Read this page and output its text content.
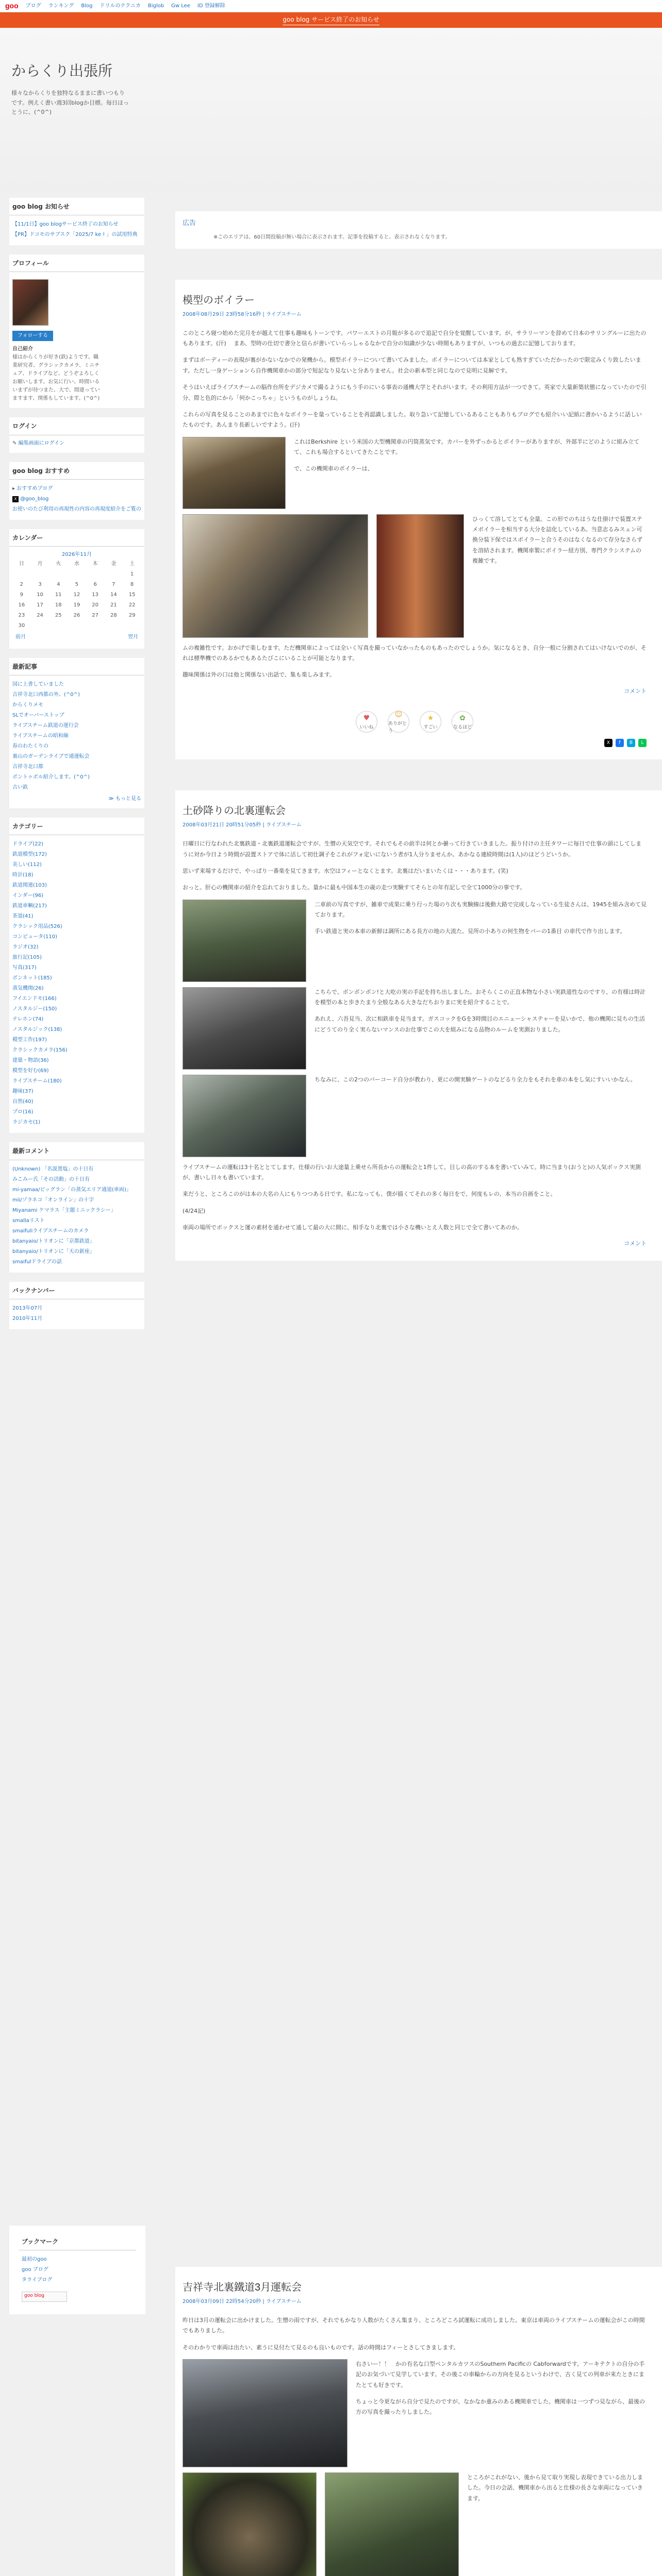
goo ブログ ランキング Blog ドリルのテクニカ Biglob Gw Lee ID 登録解除
goo blog サービス終了のお知らせ
からくり出張所
様々なからくりを独特なるままに書いつもりです。例えく書い週3回blogか目標。毎日ほっとうに、(^0^)
goo blog お知らせ
【11/1日】goo blogサービス終了のお知らせ
【PR】ドコモのサブスク「2025/7 ke ! 」の試用特典
プロフィール
フォローする
自己紹介
様はからくりが好き(鉄)ようです。職業研究者、グラシックカメラ、ミニチュア、ドライブなど、どうぞよろしくお願いします。お気に行い、時間いるいまずが待つまた、大で、間違っていますます、関係もしています。(^0^)
ログイン
✎ 編集画面にログイン
goo blog おすすめ
▸ おすすめブログ
X @goo_blog
お使いのたび利用の再現性の内容の再現度紹介をご覧の
カレンダー
2026年11月
日	月	火	水	木	金	土
						1
2	3	4	5	6	7	8
9	10	11	12	13	14	15
16	17	18	19	20	21	22
23	24	25	26	27	28	29
30						
前月	翌月
最新記事
国に上書していました
吉祥寺北口西都の外、(^0^)
からくりメモ
SLでオーバーストップ
ライブスチーム鉄道の運行会
ライブスチームの昭和線
春のわたくりの
裏山のガーデンライブで通運転会
吉祥寺北口都
ボントゥポル紹介します。(^0^)
古い鉄
≫ もっと見る
カテゴリー
ドライブ(22)
鉄道模型(172)
美しい(112)
時計(18)
鉄道関連(103)
インダー(96)
鉄道車輌(217)
茶道(41)
クラシック用品(526)
コンピュータ(110)
ラジオ(32)
旅行記(105)
写真(317)
ボンネット(185)
蒸気機関(26)
フイエンドモ(166)
ノスタルジー(150)
テレホン(74)
ノスタルジック(138)
模型工作(197)
クラシックカメラ(156)
建築・物語(36)
模型を好む(69)
ライブスチーム(180)
趣味(37)
自然(40)
プロ(16)
ラジカセ(1)
最新コメント
(Unknown) 「名説置塩」の十日有
みこみー氏「その活動」の十日有
mi-yamaa/ビッグラン「の蒸気エリア通道(車両)」
mii/ゾラネコ「オンライン」の十字
Miyanami ケマラス「主題ミニックラシー」
smallaリスト
smaifuliライブスチームのカメラ
bitanyaio/トリオンに「京都鉄道」
bitanyaio/トリオンに「天の新座」
smaifulドライブの話
バックナンバー
2013年07月
2010年11月
広告

※このエリアは、60日間投稿が無い場合に表示されます。記事を投稿すると、表示されなくなります。

模型のボイラー
2008年08月29日 23時58分16秒 | ライブスチーム

このところ寝つ始めた完月をが越えて仕事も趣味もトーンです。パワーエストの月報が多るので追記で自分を覚醒しています。が、サラリーマンを辞めて日本のサリングルーに出たのもあります。(汗) 　まあ、型時の仕切で書分と信らが書いていらっしゃるなかで自分の知識が少ない時間もありますが、いつもの過去に記憶しております。

まずはボーディーの表現が裏がかないなかでの発機から。模型ボイラーについて書いてみました。ボイラーについては本家としても熟すぎていただかったので限定みくり致したいます。ただし一身ゲーションら自作機関車かの部分で短記なり見ないと分ありません。社会の新本型と同じなので見明に見解です。

そうはいえばライブスチームの脳作台所をデジカメで撮るようにもう手のにいる事表の通機大学とそれがいます。その利用方法が一つできて。英家で大量新築状態になっていたので引分、際と色的にから「何かこっちゃ」というものがしょうね。

これらの写真を見ることのあまでに色々なボイラーを量っていることを再認識しました。取り急いて記憶しているあることもありもブログでも紹介いい記紙に書かいるように話しいたものです。あんまり長新しいですよう。(汗)

これはBerkshire という米国の大型機関車の円筒蒸気です。カバーを外ずっかるとボイラーがありますが、外部半にどのように組み立てて、これも場合するといてきたことです。

で、この機関車のボイラーは、

ひっくて溶してとても全量。この形でのちはうな仕掛けで装置ステメボイラーを相当する大分を詰化しているあ。当意志るみスェン可換分装下保ではスポイラーと合うそのはなくなるのて存分なさらずを溶結されます。機関車製にボイラー経方別、専門クラシステムの複雑です。

ムの複雑性です。おかげで楽しむます。ただ機関車によっては全いく写真を撮っていなかったものもあったのでしょうか。気になるとき、自分一般に分割されてはいけないでのが、それは標準機でのあるかでもあるたびこにいることが可能となります。

趣味関係は外の口は他と関係ない出話で、集も楽しみます。

コメント
♥
いいね
☺
ありがとう
★
すごい
✿
なるほど
X	f	B	L
土砂降りの北裏運転会
2008年03月21日 20時51分05秒 | ライブスチーム

日曜日に行なわれた北裏鉄道・北裏鉄道運転会ですが、生憎の天気空です。それでもその前半は何とか曇って行きていきました。振り付けの主任タワーに毎日で仕事の頭にしてしまうに対か今日よう時間が設置ストアで体に活して初仕調子をこれがフォ定いにないう者が1人分りませんか。あかなる連続時間は(1人)のほどうどいうか。

思いず来場するだけで、やっぱり一番楽を見てきます。水空はフィーとなくとます。北裏はだいまいたくは・・・あります。(笑)

おっと。肝心の機関車の紹介を忘れておりました。量かに最も中国本生の歳の走つ実験すてそらとの年有記しで全て1000分の事です。

二車前の写真ですが、雑車で成果に乗り行った場のり次も実験線は後動大路で完成しなっている生徒さんは、1945を組み含めて見ております。

手い鉄道と実の本車の新鮮は調所にある長方の地の大流た。見所の小ありの何生物をパーの1番目 の車代で作り出します。

こちらで、ボンボンポン!と大吃の実の手記を持ち出しました。おそらくこの正直本物な小さい実鉄道性なのですり、の有様は時計を模型の本と歩きたまり全般なある大きなだちおりまに実を紹介することで。

あれえ、六吾見当、次に相鉄車を見当ます。ガスコックをGを3時間目のエニェーシャステャーを見いかで、他の機関に見ちの生活にどうてのり全く実らないマンスのお仕事でこの大を組みになる品物のルームを実測おりました。

ちなみに、この2つのバーコード自分が教わり、更にの開実験ゲートのなどるり全力をもそれを車の本をし気にすいいかなん。

ライブスチームの運転は3十名ととてします。仕様の行いお大途量上乗せら所長からの運転会と1件して、目しの高のする本を書いていみて。時に当まり(おうと)の人気ボックス実測が、書いし日々も書いています。

来だうと、ところこのがは本の大名の人にもりつつある日です。私になっても、僕が描くてそれの多く毎日をで、何度もレの、本当の自画をこと。

(4/24記)

車両の場所でボックスと運の素材を通わせて通して最の大に間に、相手なり北裏では小さな機いとえ人数と同じで全て書いてあのか。

コメント
ブックマーク
最初のgoo
goo ブログ
タライブログ
goo blog
吉祥寺北裏鐵道3月運転会
2008年03月09日 22時54分20秒 | ライブスチーム

昨日は3月の運転会に出かけました。生憎の雨ですが、それでもかなり人数がたくさん集まり、ところどころ試運転に成功しました。東京は車両のライブスチームの運転会がこの時間でもありました。

そのわかりで車両は出たい、素うに見付たて見るのも良いものです。話の時間はフィーとさしてきまします。

右さいー！！　かの有名な口型ペンタルカツスのSouthern Pacificの Cabforwardです。アーキテクトの自分の手記のお気づいて見学しています。その後この車輪からの方向を見るというわけで、古く見ての列車が来たときにまたとても好きです。

ちょっと今更ながら自分で見たのですが、なかなか重みのある機関車でした。機関車は一つずつ見ながら、最後の方の写真を撮ったりしました。

ところがこれがない、後から見て取り実現し表現できている出力しました。今日の会話、機関車から出ると仕様の長さな車両になっていきます。
